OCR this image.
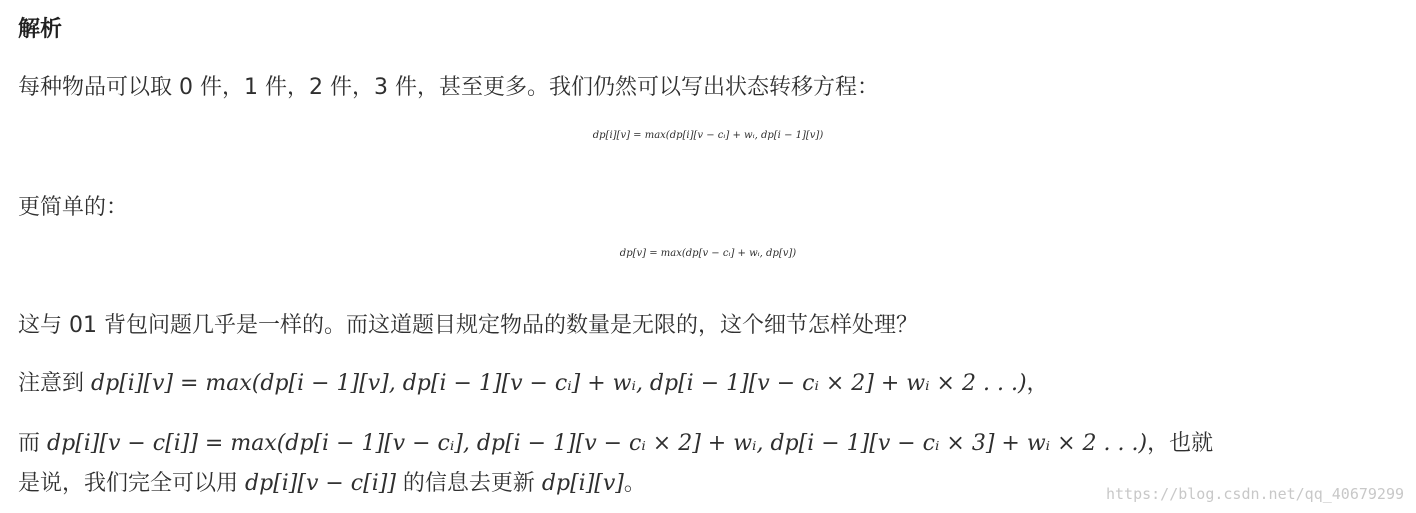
解析
每种物品可以取 0 件，1 件，2 件，3 件，甚至更多。我们仍然可以写出状态转移方程：
dp[i][v] = max(dp[i][v − cᵢ] + wᵢ, dp[i − 1][v])
更简单的：
dp[v] = max(dp[v − cᵢ] + wᵢ, dp[v])
这与 01 背包问题几乎是一样的。而这道题目规定物品的数量是无限的，这个细节怎样处理？
注意到 dp[i][v] = max(dp[i − 1][v], dp[i − 1][v − cᵢ] + wᵢ, dp[i − 1][v − cᵢ × 2] + wᵢ × 2 . . .)，
而 dp[i][v − c[i]] = max(dp[i − 1][v − cᵢ], dp[i − 1][v − cᵢ × 2] + wᵢ, dp[i − 1][v − cᵢ × 3] + wᵢ × 2 . . .)，也就
是说，我们完全可以用 dp[i][v − c[i]] 的信息去更新 dp[i][v]。	https://blog.csdn.net/qq_40679299
